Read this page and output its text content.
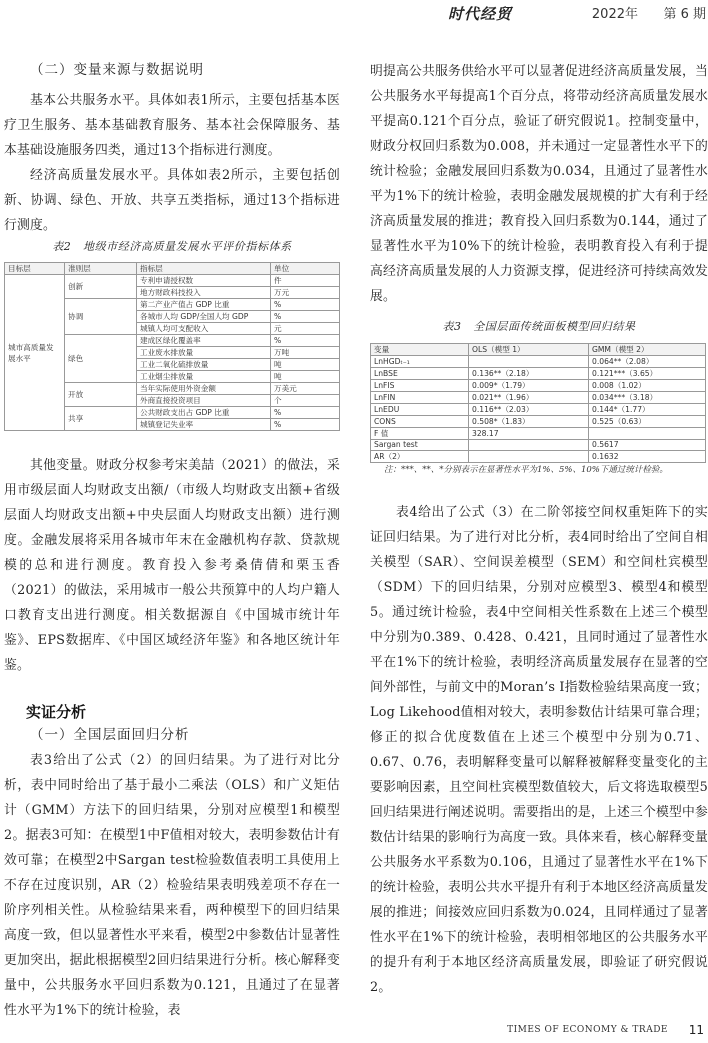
时代经贸	2022年 第 6 期
（二）变量来源与数据说明
基本公共服务水平。具体如表1所示，主要包括基本医疗卫生服务、基本基础教育服务、基本社会保障服务、基本基础设施服务四类，通过13个指标进行测度。
经济高质量发展水平。具体如表2所示，主要包括创新、协调、绿色、开放、共享五类指标，通过13个指标进行测度。
表2　地级市经济高质量发展水平评价指标体系
目标层	准则层	指标层	单位
城市高质量发展水平	创新	专利申请授权数	件
		地方财政科技投入	万元
	协调	第二产业产值占 GDP 比重	%
		各城市人均 GDP/全国人均 GDP	%
		城镇人均可支配收入	元
	绿色	建成区绿化覆盖率	%
		工业废水排放量	万吨
		工业二氧化硫排放量	吨
		工业烟尘排放量	吨
	开放	当年实际使用外资金额	万美元
		外商直接投资项目	个
	共享	公共财政支出占 GDP 比重	%
		城镇登记失业率	%
其他变量。财政分权参考宋美喆（2021）的做法，采用市级层面人均财政支出额/（市级人均财政支出额+省级层面人均财政支出额+中央层面人均财政支出额）进行测度。金融发展将采用各城市年末在金融机构存款、贷款规模的总和进行测度。教育投入参考桑倩倩和栗玉香（2021）的做法，采用城市一般公共预算中的人均户籍人口教育支出进行测度。相关数据源自《中国城市统计年鉴》、EPS数据库、《中国区域经济年鉴》和各地区统计年鉴。
实证分析
（一）全国层面回归分析
表3给出了公式（2）的回归结果。为了进行对比分析，表中同时给出了基于最小二乘法（OLS）和广义矩估计（GMM）方法下的回归结果，分别对应模型1和模型2。据表3可知：在模型1中F值相对较大，表明参数估计有效可靠；在模型2中Sargan test检验数值表明工具使用上不存在过度识别，AR（2）检验结果表明残差项不存在一阶序列相关性。从检验结果来看，两种模型下的回归结果高度一致，但以显著性水平来看，模型2中参数估计显著性更加突出，据此根据模型2回归结果进行分析。核心解释变量中，公共服务水平回归系数为0.121，且通过了在显著性水平为1%下的统计检验，表
明提高公共服务供给水平可以显著促进经济高质量发展，当公共服务水平每提高1个百分点，将带动经济高质量发展水平提高0.121个百分点，验证了研究假说1。控制变量中，财政分权回归系数为0.008，并未通过一定显著性水平下的统计检验；金融发展回归系数为0.034，且通过了显著性水平为1%下的统计检验，表明金融发展规模的扩大有利于经济高质量发展的推进；教育投入回归系数为0.144，通过了显著性水平为10%下的统计检验，表明教育投入有利于提高经济高质量发展的人力资源支撑，促进经济可持续高效发展。
表3　全国层面传统面板模型回归结果
变量	OLS（模型 1）	GMM（模型 2）
LnHGDₜ₋₁		0.064**（2.08）
LnBSE	0.136**（2.18）	0.121***（3.65）
LnFIS	0.009*（1.79）	0.008（1.02）
LnFIN	0.021**（1.96）	0.034***（3.18）
LnEDU	0.116**（2.03）	0.144*（1.77）
CONS	0.508*（1.83）	0.525（0.63）
F 值	328.17	
Sargan test		0.5617
AR（2）		0.1632
注：***、**、*分别表示在显著性水平为1%、5%、10%下通过统计检验。
表4给出了公式（3）在二阶邻接空间权重矩阵下的实证回归结果。为了进行对比分析，表4同时给出了空间自相关模型（SAR）、空间误差模型（SEM）和空间杜宾模型（SDM）下的回归结果，分别对应模型3、模型4和模型5。通过统计检验，表4中空间相关性系数在上述三个模型中分别为0.389、0.428、0.421，且同时通过了显著性水平在1%下的统计检验，表明经济高质量发展存在显著的空间外部性，与前文中的Moran’s I指数检验结果高度一致；Log Likehood值相对较大，表明参数估计结果可靠合理；修正的拟合优度数值在上述三个模型中分别为0.71、0.67、0.76，表明解释变量可以解释被解释变量变化的主要影响因素，且空间杜宾模型数值较大，后文将选取模型5回归结果进行阐述说明。需要指出的是，上述三个模型中参数估计结果的影响行为高度一致。具体来看，核心解释变量公共服务水平系数为0.106，且通过了显著性水平在1%下的统计检验，表明公共水平提升有利于本地区经济高质量发展的推进；间接效应回归系数为0.024，且同样通过了显著性水平在1%下的统计检验，表明相邻地区的公共服务水平的提升有利于本地区经济高质量发展，即验证了研究假说2。
TIMES OF ECONOMY & TRADE 11
